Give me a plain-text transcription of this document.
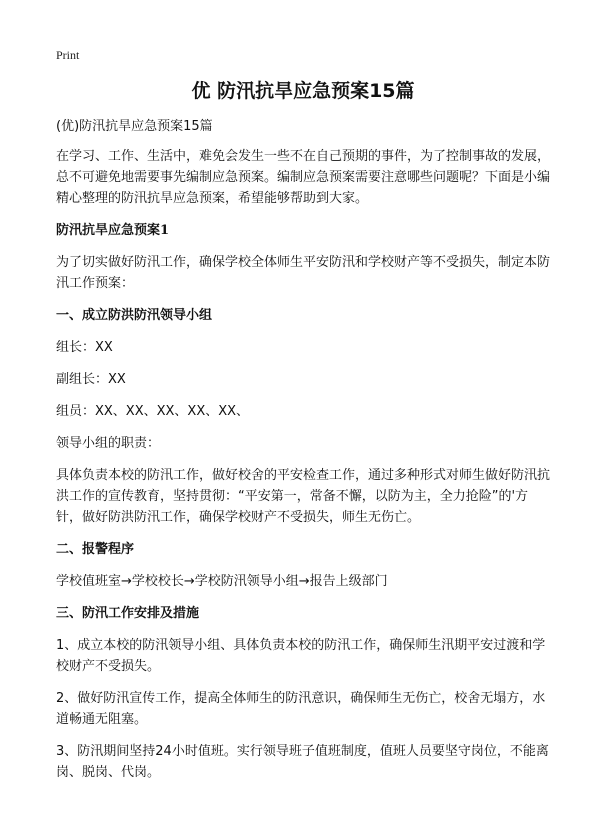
Print
优 防汛抗旱应急预案15篇

(优)防汛抗旱应急预案15篇

在学习、工作、生活中，难免会发生一些不在自己预期的事件，为了控制事故的发展，总不可避免地需要事先编制应急预案。编制应急预案需要注意哪些问题呢？下面是小编精心整理的防汛抗旱应急预案，希望能够帮助到大家。

防汛抗旱应急预案1

为了切实做好防汛工作，确保学校全体师生平安防汛和学校财产等不受损失，制定本防汛工作预案：

一、成立防洪防汛领导小组

组长：XX

副组长：XX

组员：XX、XX、XX、XX、XX、

领导小组的职责：

具体负责本校的防汛工作，做好校舍的平安检查工作，通过多种形式对师生做好防汛抗洪工作的宣传教育，坚持贯彻：“平安第一，常备不懈，以防为主，全力抢险”的'方针，做好防洪防汛工作，确保学校财产不受损失，师生无伤亡。

二、报警程序

学校值班室→学校校长→学校防汛领导小组→报告上级部门

三、防汛工作安排及措施

1、成立本校的防汛领导小组、具体负责本校的防汛工作，确保师生汛期平安过渡和学校财产不受损失。

2、做好防汛宣传工作，提高全体师生的防汛意识，确保师生无伤亡，校舍无塌方，水道畅通无阻塞。

3、防汛期间坚持24小时值班。实行领导班子值班制度，值班人员要坚守岗位，不能离岗、脱岗、代岗。
